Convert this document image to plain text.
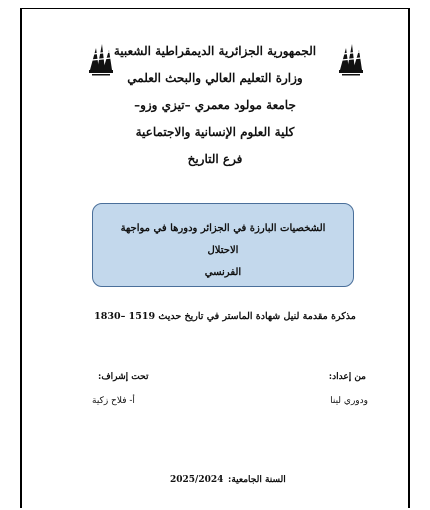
الجمهورية الجزائرية الديمقراطية الشعبية
وزارة التعليم العالي والبحث العلمي
جامعة مولود معمري –تيزي وزو–
كلية العلوم الإنسانية والاجتماعية
فرع التاريخ
الشخصيات البارزة في الجزائر ودورها في مواجهة الاحتلال
الفرنسي
مذكرة مقدمة لنيل شهادة الماستر في تاريخ حديث 1519 –1830
من إعداد:
ودوري لينا
تحت إشراف:
أ- فلاح زكية
السنة الجامعية:
2025/2024
